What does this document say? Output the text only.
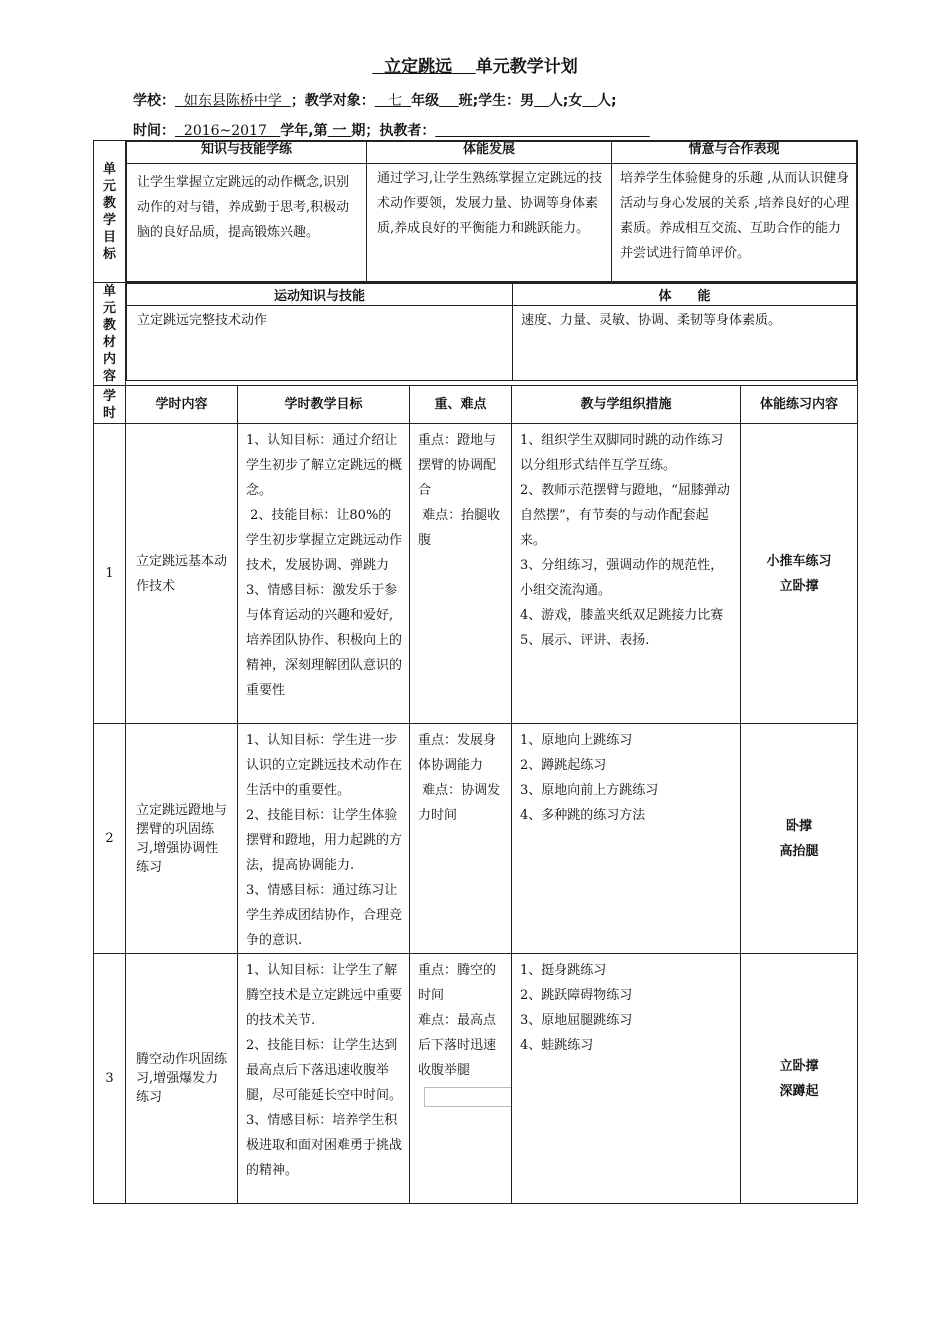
立定跳远 单元教学计划
学校： 如东县陈桥中学 ；教学对象： 七 年级 班;学生：男 人;女 人;
时间： 2016~2017 学年,第 一 期；执教者：
单元教学目标	
知识与技能学练	体能发展	情意与合作表现
让学生掌握立定跳远的动作概念,识别动作的对与错，养成勤于思考,积极动脑的良好品质，提高锻炼兴趣。	通过学习,让学生熟练掌握立定跳远的技术动作要领，发展力量、协调等身体素质,养成良好的平衡能力和跳跃能力。	培养学生体验健身的乐趣 ,从而认识健身活动与身心发展的关系 ,培养良好的心理素质。养成相互交流、互助合作的能力并尝试进行简单评价。

单元教材内容	
运动知识与技能	体　　能
立定跳远完整技术动作	速度、力量、灵敏、协调、柔韧等身体素质。

学时	学时内容	学时教学目标	重、难点	教与学组织措施	体能练习内容
1	立定跳远基本动作技术	
1、认知目标：通过介绍让学生初步了解立定跳远的概念。
2、技能目标：让80%的学生初步掌握立定跳远动作技术，发展协调、弹跳力
3、情感目标：激发乐于参与体育运动的兴趣和爱好,培养团队协作、积极向上的精神，深刻理解团队意识的重要性

重点：蹬地与摆臂的协调配合
难点：抬腿收腹

1、组织学生双脚同时跳的动作练习以分组形式结伴互学互练。
2、教师示范摆臂与蹬地，“屈膝弹动自然摆”，有节奏的与动作配套起来。
3、分组练习，强调动作的规范性，小组交流沟通。
4、游戏，膝盖夹纸双足跳接力比赛
5、展示、评讲、表扬.

小推车练习
立卧撑

2	立定跳远蹬地与摆臂的巩固练习,增强协调性练习	
1、认知目标：学生进一步认识的立定跳远技术动作在生活中的重要性。
2、技能目标：让学生体验摆臂和蹬地，用力起跳的方法，提高协调能力.
3、情感目标：通过练习让学生养成团结协作，合理竞争的意识.

重点：发展身体协调能力
难点：协调发力时间

1、原地向上跳练习
2、蹲跳起练习
3、原地向前上方跳练习
4、多种跳的练习方法

卧撑
高抬腿

3	腾空动作巩固练习,增强爆发力练习	
1、认知目标：让学生了解腾空技术是立定跳远中重要的技术关节.
2、技能目标：让学生达到最高点后下落迅速收腹举腿，尽可能延长空中时间。
3、情感目标：培养学生积极进取和面对困难勇于挑战的精神。

重点：腾空的时间
难点：最高点后下落时迅速收腹举腿

1、挺身跳练习
2、跳跃障碍物练习
3、原地屈腿跳练习
4、蛙跳练习

立卧撑
深蹲起
